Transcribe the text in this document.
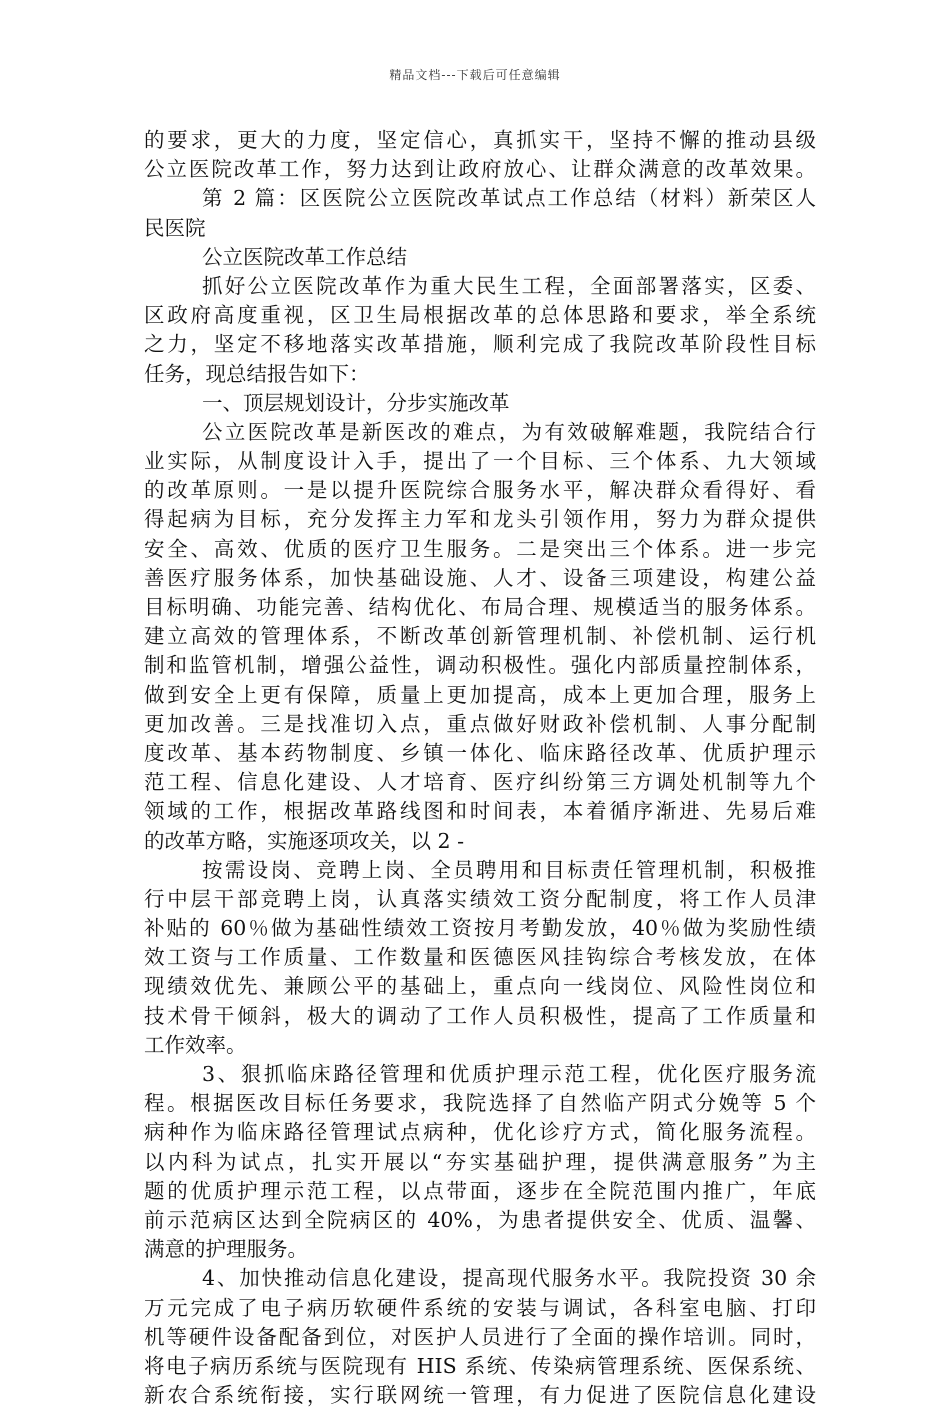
精品文档---下载后可任意编辑
的要求，更大的力度，坚定信心，真抓实干，坚持不懈的推动县级
公立医院改革工作，努力达到让政府放心、让群众满意的改革效果。
第 2 篇：区医院公立医院改革试点工作总结（材料）新荣区人
民医院
公立医院改革工作总结
抓好公立医院改革作为重大民生工程，全面部署落实，区委、
区政府高度重视，区卫生局根据改革的总体思路和要求，举全系统
之力，坚定不移地落实改革措施，顺利完成了我院改革阶段性目标
任务，现总结报告如下：
一、顶层规划设计，分步实施改革
公立医院改革是新医改的难点，为有效破解难题，我院结合行
业实际，从制度设计入手，提出了一个目标、三个体系、九大领域
的改革原则。一是以提升医院综合服务水平，解决群众看得好、看
得起病为目标，充分发挥主力军和龙头引领作用，努力为群众提供
安全、高效、优质的医疗卫生服务。二是突出三个体系。进一步完
善医疗服务体系，加快基础设施、人才、设备三项建设，构建公益
目标明确、功能完善、结构优化、布局合理、规模适当的服务体系。
建立高效的管理体系，不断改革创新管理机制、补偿机制、运行机
制和监管机制，增强公益性，调动积极性。强化内部质量控制体系，
做到安全上更有保障，质量上更加提高，成本上更加合理，服务上
更加改善。三是找准切入点，重点做好财政补偿机制、人事分配制
度改革、基本药物制度、乡镇一体化、临床路径改革、优质护理示
范工程、信息化建设、人才培育、医疗纠纷第三方调处机制等九个
领域的工作，根据改革路线图和时间表，本着循序渐进、先易后难
的改革方略，实施逐项攻关，以 2 -
按需设岗、竞聘上岗、全员聘用和目标责任管理机制，积极推
行中层干部竞聘上岗，认真落实绩效工资分配制度，将工作人员津
补贴的 60％做为基础性绩效工资按月考勤发放，40％做为奖励性绩
效工资与工作质量、工作数量和医德医风挂钩综合考核发放，在体
现绩效优先、兼顾公平的基础上，重点向一线岗位、风险性岗位和
技术骨干倾斜，极大的调动了工作人员积极性，提高了工作质量和
工作效率。
3、狠抓临床路径管理和优质护理示范工程，优化医疗服务流
程。根据医改目标任务要求，我院选择了自然临产阴式分娩等 5 个
病种作为临床路径管理试点病种，优化诊疗方式，简化服务流程。
以内科为试点，扎实开展以“夯实基础护理，提供满意服务”为主
题的优质护理示范工程，以点带面，逐步在全院范围内推广，年底
前示范病区达到全院病区的 40%，为患者提供安全、优质、温馨、
满意的护理服务。
4、加快推动信息化建设，提高现代服务水平。我院投资 30 余
万元完成了电子病历软硬件系统的安装与调试，各科室电脑、打印
机等硬件设备配备到位，对医护人员进行了全面的操作培训。同时，
将电子病历系统与医院现有 HIS 系统、传染病管理系统、医保系统、
新农合系统衔接，实行联网统一管理，有力促进了医院信息化建设
